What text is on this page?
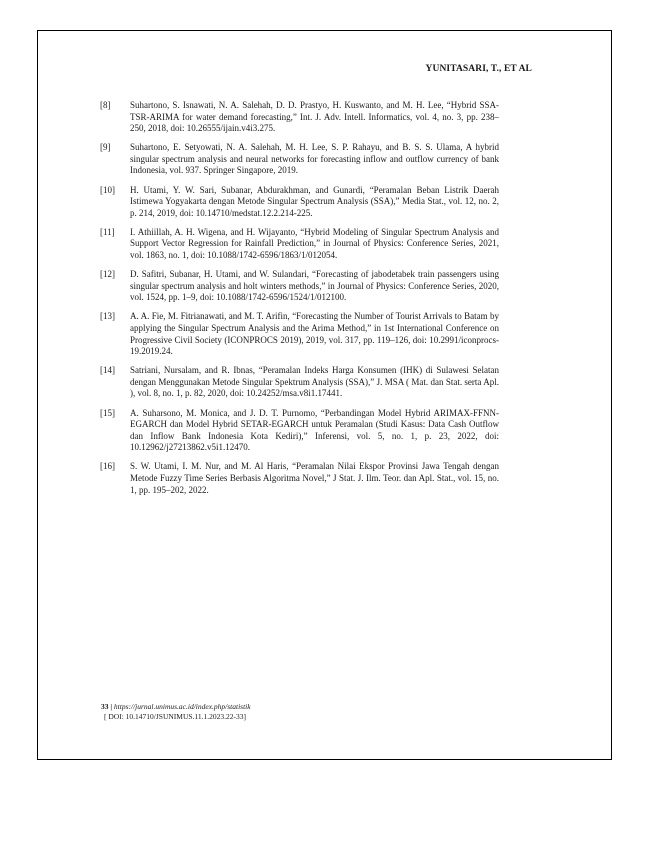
YUNITASARI, T., ET AL
[8]	Suhartono, S. Isnawati, N. A. Salehah, D. D. Prastyo, H. Kuswanto, and M. H. Lee, “Hybrid SSA-TSR-ARIMA for water demand forecasting,” Int. J. Adv. Intell. Informatics, vol. 4, no. 3, pp. 238–250, 2018, doi: 10.26555/ijain.v4i3.275.
[9]	Suhartono, E. Setyowati, N. A. Salehah, M. H. Lee, S. P. Rahayu, and B. S. S. Ulama, A hybrid singular spectrum analysis and neural networks for forecasting inflow and outflow currency of bank Indonesia, vol. 937. Springer Singapore, 2019.
[10]	H. Utami, Y. W. Sari, Subanar, Abdurakhman, and Gunardi, “Peramalan Beban Listrik Daerah Istimewa Yogyakarta dengan Metode Singular Spectrum Analysis (SSA),” Media Stat., vol. 12, no. 2, p. 214, 2019, doi: 10.14710/medstat.12.2.214-225.
[11]	I. Athiillah, A. H. Wigena, and H. Wijayanto, “Hybrid Modeling of Singular Spectrum Analysis and Support Vector Regression for Rainfall Prediction,” in Journal of Physics: Conference Series, 2021, vol. 1863, no. 1, doi: 10.1088/1742-6596/1863/1/012054.
[12]	D. Safitri, Subanar, H. Utami, and W. Sulandari, “Forecasting of jabodetabek train passengers using singular spectrum analysis and holt winters methods,” in Journal of Physics: Conference Series, 2020, vol. 1524, pp. 1–9, doi: 10.1088/1742-6596/1524/1/012100.
[13]	A. A. Fie, M. Fitrianawati, and M. T. Arifin, “Forecasting the Number of Tourist Arrivals to Batam by applying the Singular Spectrum Analysis and the Arima Method,” in 1st International Conference on Progressive Civil Society (ICONPROCS 2019), 2019, vol. 317, pp. 119–126, doi: 10.2991/iconprocs-19.2019.24.
[14]	Satriani, Nursalam, and R. Ibnas, “Peramalan Indeks Harga Konsumen (IHK) di Sulawesi Selatan dengan Menggunakan Metode Singular Spektrum Analysis (SSA),” J. MSA ( Mat. dan Stat. serta Apl. ), vol. 8, no. 1, p. 82, 2020, doi: 10.24252/msa.v8i1.17441.
[15]	A. Suharsono, M. Monica, and J. D. T. Purnomo, “Perbandingan Model Hybrid ARIMAX-FFNN-EGARCH dan Model Hybrid SETAR-EGARCH untuk Peramalan (Studi Kasus: Data Cash Outflow dan Inflow Bank Indonesia Kota Kediri),” Inferensi, vol. 5, no. 1, p. 23, 2022, doi: 10.12962/j27213862.v5i1.12470.
[16]	S. W. Utami, I. M. Nur, and M. Al Haris, “Peramalan Nilai Ekspor Provinsi Jawa Tengah dengan Metode Fuzzy Time Series Berbasis Algoritma Novel,” J Stat. J. Ilm. Teor. dan Apl. Stat., vol. 15, no. 1, pp. 195–202, 2022.
33 | https://jurnal.unimus.ac.id/index.php/statistik
[ DOI: 10.14710/JSUNIMUS.11.1.2023.22-33]
